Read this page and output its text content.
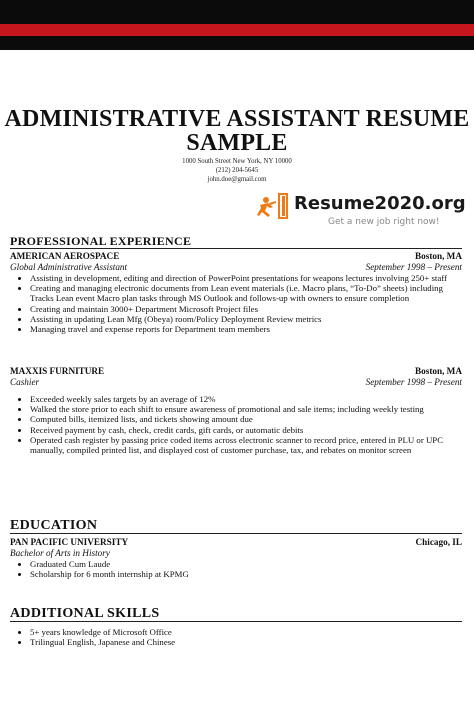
ADMINISTRATIVE ASSISTANT RESUME
SAMPLE
1000 South Street New York, NY 10000
(212) 204-5645
john.doe@gmail.com
Resume2020.org
Get a new job right now!
PROFESSIONAL EXPERIENCE
AMERICAN AEROSPACE	Boston, MA
Global Administrative Assistant	September 1998 – Present
• Assisting in development, editing and direction of PowerPoint presentations for weapons lectures involving 250+ staff
• Creating and managing electronic documents from Lean event materials (i.e. Macro plans, “To-Do” sheets) including Tracks Lean event Macro plan tasks through MS Outlook and follows-up with owners to ensure completion
• Creating and maintain 3000+ Department Microsoft Project files
• Assisting in updating Lean Mfg (Obeya) room/Policy Deployment Review metrics
• Managing travel and expense reports for Department team members
MAXXIS FURNITURE	Boston, MA
Cashier	September 1998 – Present
• Exceeded weekly sales targets by an average of 12%
• Walked the store prior to each shift to ensure awareness of promotional and sale items; including weekly testing
• Computed bills, itemized lists, and tickets showing amount due
• Received payment by cash, check, credit cards, gift cards, or automatic debits
• Operated cash register by passing price coded items across electronic scanner to record price, entered in PLU or UPC manually, compiled printed list, and displayed cost of customer purchase, tax, and rebates on monitor screen
EDUCATION
PAN PACIFIC UNIVERSITY	Chicago, IL
Bachelor of Arts in History
• Graduated Cum Laude
• Scholarship for 6 month internship at KPMG
ADDITIONAL SKILLS
• 5+ years knowledge of Microsoft Office
• Trilingual English, Japanese and Chinese
